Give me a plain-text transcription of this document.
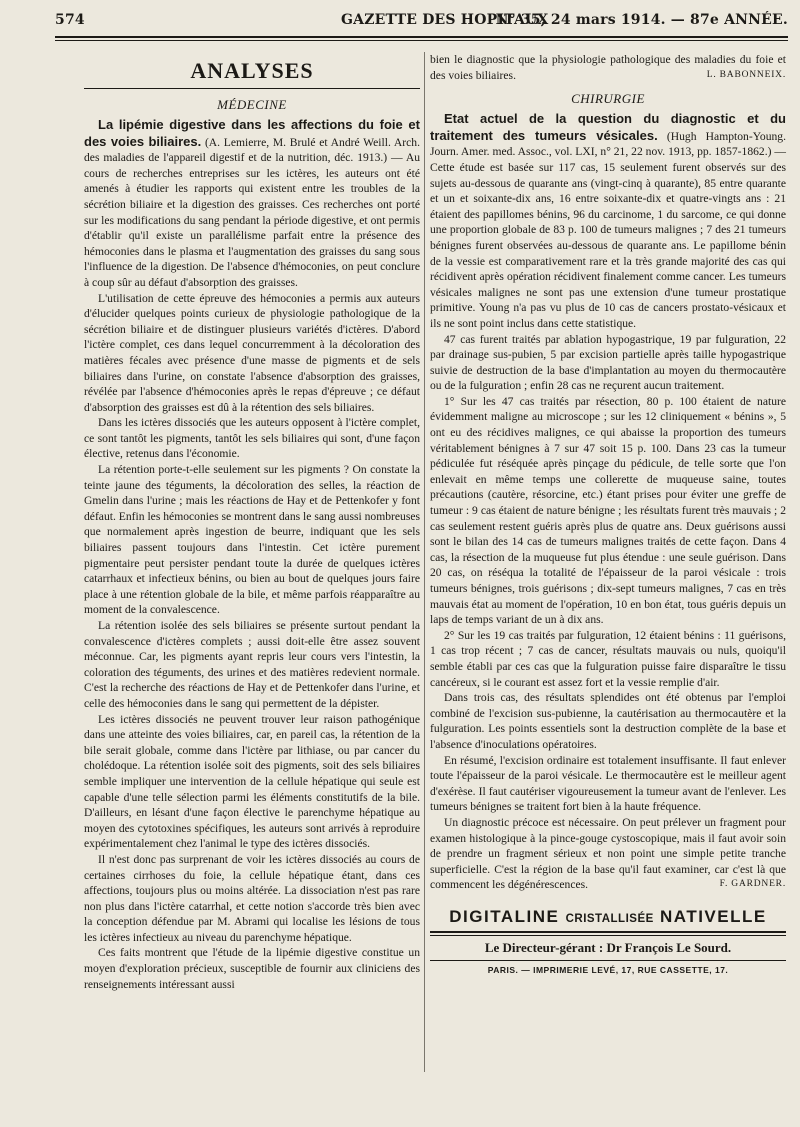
574	GAZETTE DES HOPITAUX
N° 35, 24 mars 1914. — 87e ANNÉE.
ANALYSES
MÉDECINE

La lipémie digestive dans les affections du foie et des voies biliaires. (A. Lemierre, M. Brulé et André Weill. Arch. des maladies de l'appareil digestif et de la nutrition, déc. 1913.) — Au cours de recherches entreprises sur les ictères, les auteurs ont été amenés à étudier les rapports qui existent entre les troubles de la sécrétion biliaire et la digestion des graisses. Ces recherches ont porté sur les modifications du sang pendant la période digestive, et ont permis d'établir qu'il existe un parallélisme parfait entre la présence des hémoconies dans le plasma et l'augmentation des graisses du sang sous l'influence de la digestion. De l'absence d'hémoconies, on peut conclure à coup sûr au défaut d'absorption des graisses.

L'utilisation de cette épreuve des hémoconies a permis aux auteurs d'élucider quelques points curieux de physiologie pathologique de la sécrétion biliaire et de distinguer plusieurs variétés d'ictères. D'abord l'ictère complet, ces dans lequel concurremment à la décoloration des matières fécales avec présence d'une masse de pigments et de sels biliaires dans l'urine, on constate l'absence d'absorption des graisses, révélée par l'absence d'hémoconies après le repas d'épreuve ; ce défaut d'absorption des graisses est dû à la rétention des sels biliaires.

Dans les ictères dissociés que les auteurs opposent à l'ictère complet, ce sont tantôt les pigments, tantôt les sels biliaires qui sont, d'une façon élective, retenus dans l'économie.

La rétention porte-t-elle seulement sur les pigments ? On constate la teinte jaune des téguments, la décoloration des selles, la réaction de Gmelin dans l'urine ; mais les réactions de Hay et de Pettenkofer y font défaut. Enfin les hémoconies se montrent dans le sang aussi nombreuses que normalement après ingestion de beurre, indiquant que les sels biliaires passent toujours dans l'intestin. Cet ictère purement pigmentaire peut persister pendant toute la durée de quelques ictères catarrhaux et infectieux bénins, ou bien au bout de quelques jours faire place à une rétention globale de la bile, et même parfois réapparaître au moment de la convalescence.

La rétention isolée des sels biliaires se présente surtout pendant la convalescence d'ictères complets ; aussi doit-elle être assez souvent méconnue. Car, les pigments ayant repris leur cours vers l'intestin, la coloration des téguments, des urines et des matières redevient normale. C'est la recherche des réactions de Hay et de Pettenkofer dans l'urine, et celle des hémoconies dans le sang qui permettent de la dépister.

Les ictères dissociés ne peuvent trouver leur raison pathogénique dans une atteinte des voies biliaires, car, en pareil cas, la rétention de la bile serait globale, comme dans l'ictère par lithiase, ou par cancer du cholédoque. La rétention isolée soit des pigments, soit des sels biliaires semble impliquer une intervention de la cellule hépatique qui seule est capable d'une telle sélection parmi les éléments constitutifs de la bile. D'ailleurs, en lésant d'une façon élective le parenchyme hépatique au moyen des cytotoxines spécifiques, les auteurs sont arrivés à reproduire expérimentalement chez l'animal le type des ictères dissociés.

Il n'est donc pas surprenant de voir les ictères dissociés au cours de certaines cirrhoses du foie, la cellule hépatique étant, dans ces affections, toujours plus ou moins altérée. La dissociation n'est pas rare non plus dans l'ictère catarrhal, et cette notion s'accorde très bien avec la conception défendue par M. Abrami qui localise les lésions de tous les ictères infectieux au niveau du parenchyme hépatique.

Ces faits montrent que l'étude de la lipémie digestive constitue un moyen d'exploration précieux, susceptible de fournir aux cliniciens des renseignements intéressant aussi

bien le diagnostic que la physiologie pathologique des maladies du foie et des voies biliaires.	L. BABONNEIX.

CHIRURGIE

Etat actuel de la question du diagnostic et du traitement des tumeurs vésicales. (Hugh Hampton-Young. Journ. Amer. med. Assoc., vol. LXI, n° 21, 22 nov. 1913, pp. 1857-1862.) — Cette étude est basée sur 117 cas, 15 seulement furent observés sur des sujets au-dessous de quarante ans (vingt-cinq à quarante), 85 entre quarante et un et soixante-dix ans, 16 entre soixante-dix et quatre-vingts ans : 21 étaient des papillomes bénins, 96 du carcinome, 1 du sarcome, ce qui donne une proportion globale de 83 p. 100 de tumeurs malignes ; 7 des 21 tumeurs bénignes furent observées au-dessous de quarante ans. Le papillome bénin de la vessie est comparativement rare et la très grande majorité des cas qui récidivent après opération récidivent finalement comme cancer. Les tumeurs vésicales malignes ne sont pas une extension d'une tumeur prostatique primitive. Young n'a pas vu plus de 10 cas de cancers prostato-vésicaux et ils ne sont point inclus dans cette statistique.

47 cas furent traités par ablation hypogastrique, 19 par fulguration, 22 par drainage sus-pubien, 5 par excision partielle après taille hypogastrique suivie de destruction de la base d'implantation au moyen du thermocautère ou de la fulguration ; enfin 28 cas ne reçurent aucun traitement.

1° Sur les 47 cas traités par résection, 80 p. 100 étaient de nature évidemment maligne au microscope ; sur les 12 cliniquement « bénins », 5 ont eu des récidives malignes, ce qui abaisse la proportion des tumeurs véritablement bénignes à 7 sur 47 soit 15 p. 100. Dans 23 cas la tumeur pédiculée fut réséquée après pinçage du pédicule, de telle sorte que l'on enlevait en même temps une collerette de muqueuse saine, toutes précautions (cautère, résorcine, etc.) étant prises pour éviter une greffe de tumeur : 9 cas étaient de nature bénigne ; les résultats furent très mauvais ; 2 cas seulement restent guéris après plus de quatre ans. Deux guérisons aussi sont le bilan des 14 cas de tumeurs malignes traités de cette façon. Dans 4 cas, la résection de la muqueuse fut plus étendue : une seule guérison. Dans 20 cas, on réséqua la totalité de l'épaisseur de la paroi vésicale : trois tumeurs bénignes, trois guérisons ; dix-sept tumeurs malignes, 7 cas en très mauvais état au moment de l'opération, 10 en bon état, tous guéris depuis un laps de temps variant de un à dix ans.

2° Sur les 19 cas traités par fulguration, 12 étaient bénins : 11 guérisons, 1 cas trop récent ; 7 cas de cancer, résultats mauvais ou nuls, quoiqu'il semble établi par ces cas que la fulguration puisse faire disparaître le tissu cancéreux, si le courant est assez fort et la vessie remplie d'air.

Dans trois cas, des résultats splendides ont été obtenus par l'emploi combiné de l'excision sus-pubienne, la cautérisation au thermocautère et la fulguration. Les points essentiels sont la destruction complète de la base et l'absence d'inoculations opératoires.

En résumé, l'excision ordinaire est totalement insuffisante. Il faut enlever toute l'épaisseur de la paroi vésicale. Le thermocautère est le meilleur agent d'exérèse. Il faut cautériser vigoureusement la tumeur avant de l'enlever. Les tumeurs bénignes se traitent fort bien à la haute fréquence.

Un diagnostic précoce est nécessaire. On peut prélever un fragment pour examen histologique à la pince-gouge cystoscopique, mais il faut avoir soin de prendre un fragment sérieux et non point une simple petite tranche superficielle. C'est la région de la base qu'il faut examiner, car c'est là que commencent les dégénérescences.	F. GARDNER.

DIGITALINE CRISTALLISÉE NATIVELLE
Le Directeur-gérant : Dr François Le Sourd.
PARIS. — IMPRIMERIE LEVÉ, 17, RUE CASSETTE, 17.
